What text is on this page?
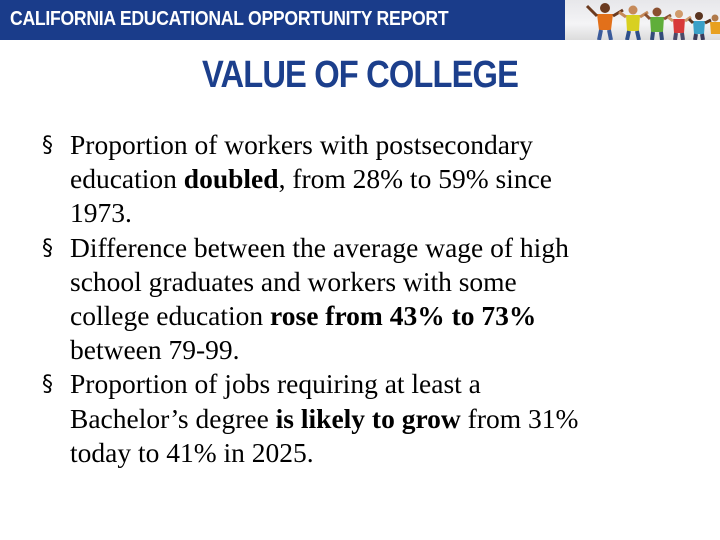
CALIFORNIA EDUCATIONAL OPPORTUNITY REPORT
VALUE OF COLLEGE
§ Proportion of workers with postsecondary
education doubled, from 28% to 59% since
1973.
§ Difference between the average wage of high
school graduates and workers with some
college education rose from 43% to 73%
between 79-99.
§ Proportion of jobs requiring at least a
Bachelor’s degree is likely to grow from 31%
today to 41% in 2025.
